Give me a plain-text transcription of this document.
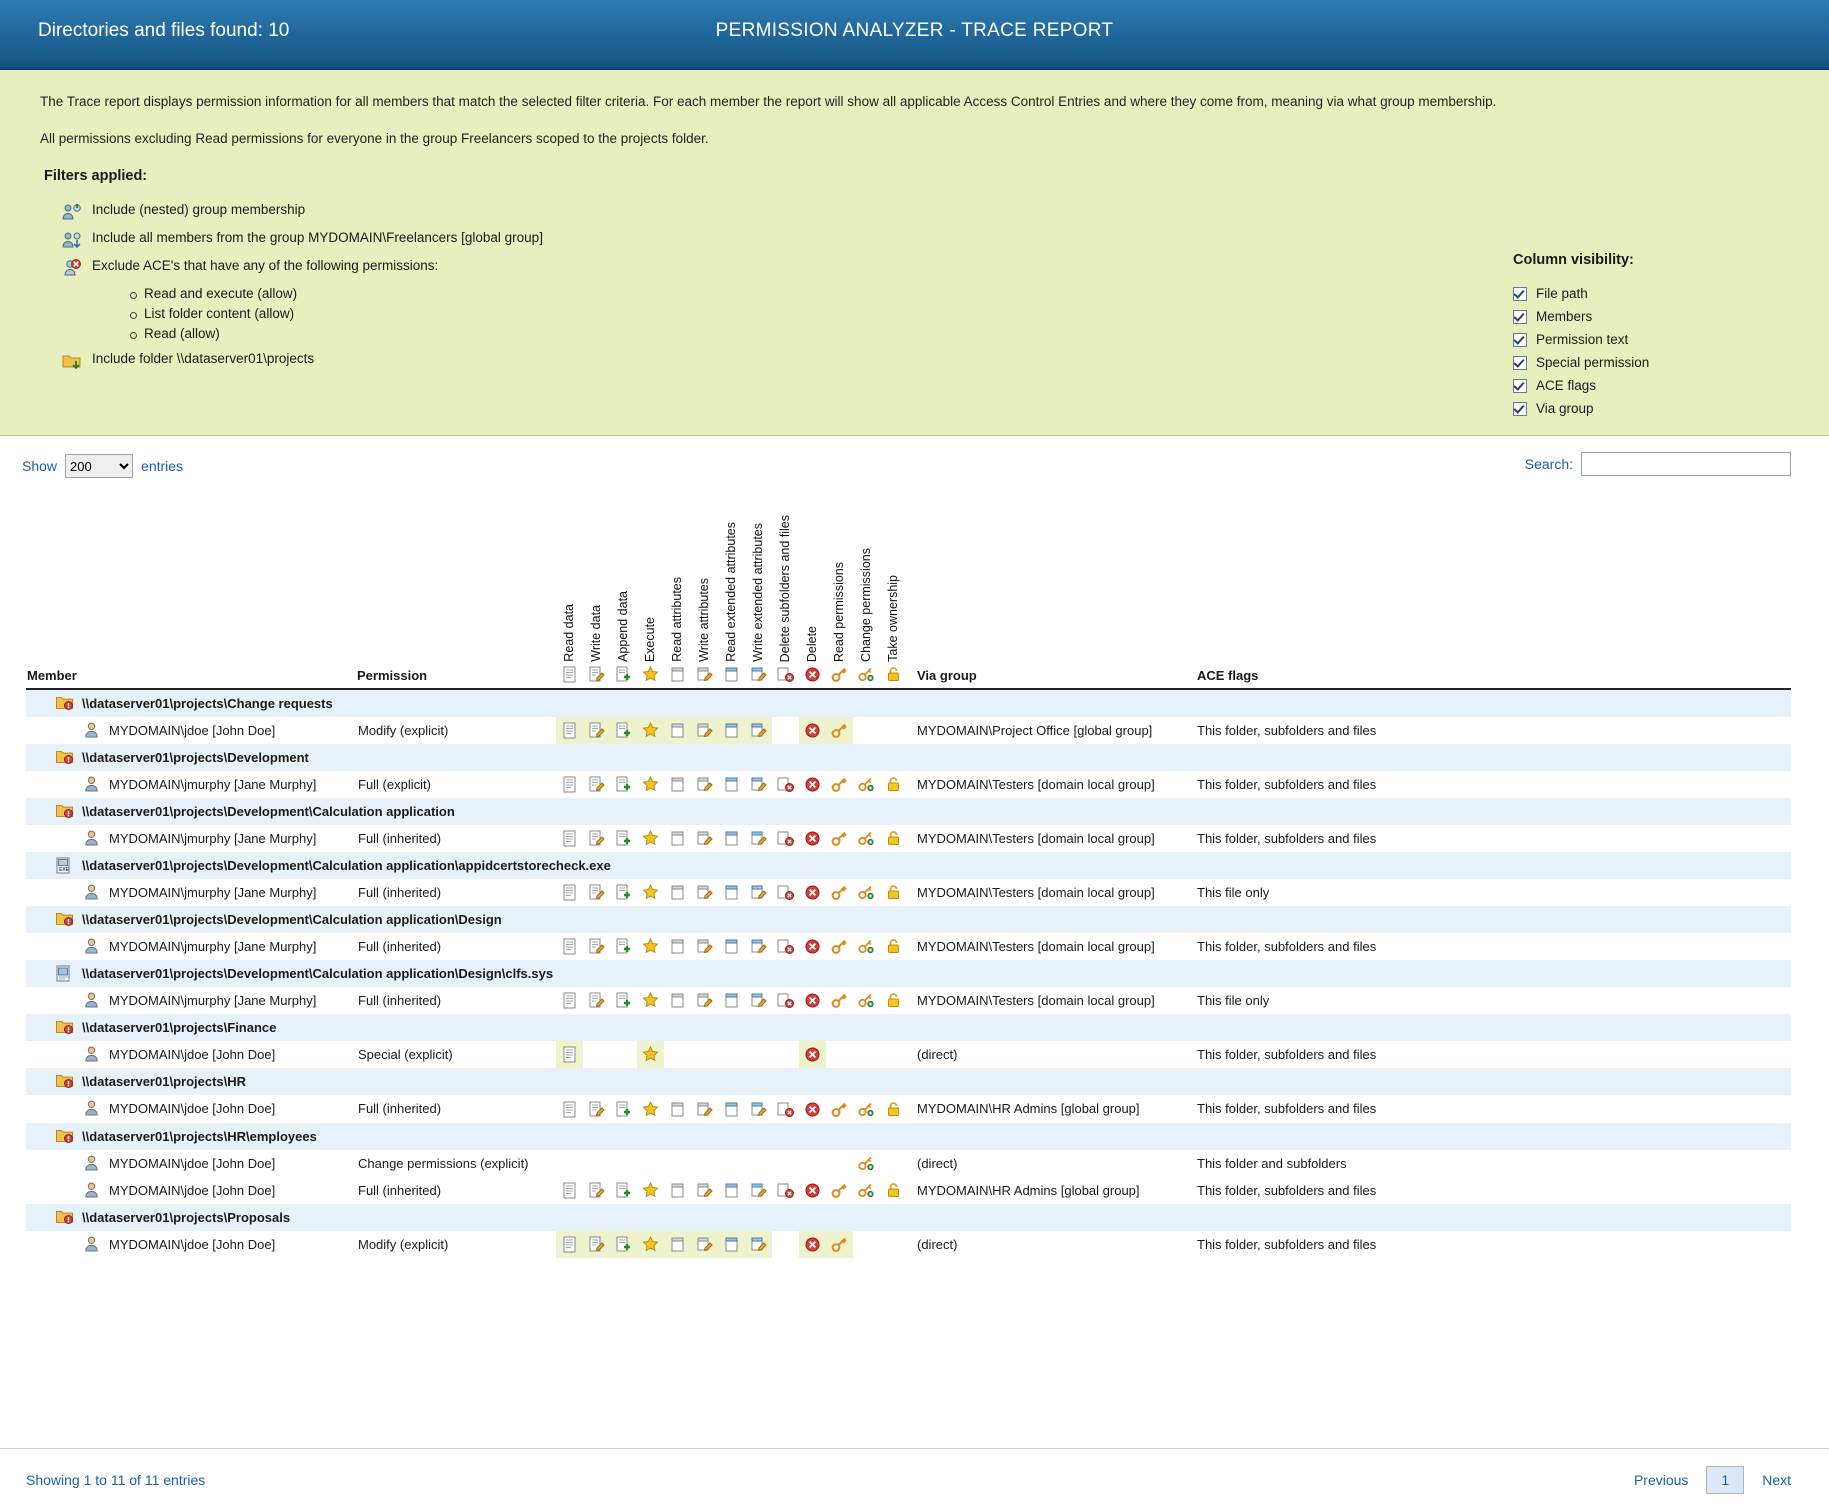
Directories and files found: 10	PERMISSION ANALYZER - TRACE REPORT

The Trace report displays permission information for all members that match the selected filter criteria. For each member the report will show all applicable Access Control Entries and where they come from, meaning via what group membership.

All permissions excluding Read permissions for everyone in the group Freelancers scoped to the projects folder.

Filters applied:
Include (nested) group membership
Include all members from the group MYDOMAIN\Freelancers [global group]
Exclude ACE's that have any of the following permissions:
Read and execute (allow)
List folder content (allow)
Read (allow)
Include folder \\dataserver01\projects
Column visibility:
File path
Members
Permission text
Special permission
ACE flags
Via group
Show
200	entries	Search:
Member	Permission	Read data	Write data	Append data	Execute	Read attributes	Write attributes	Read extended attributes	Write extended attributes	Delete subfolders and files	Delete	Read permissions	Change permissions	Take ownership	Via group	ACE flags

\\dataserver01\projects\Change requests																

MYDOMAIN\jdoe [John Doe]	Modify (explicit)														MYDOMAIN\Project Office [global group]	This folder, subfolders and files

\\dataserver01\projects\Development																

MYDOMAIN\jmurphy [Jane Murphy]	Full (explicit)														MYDOMAIN\Testers [domain local group]	This folder, subfolders and files

\\dataserver01\projects\Development\Calculation application																

MYDOMAIN\jmurphy [Jane Murphy]	Full (inherited)														MYDOMAIN\Testers [domain local group]	This folder, subfolders and files

EXE \\dataserver01\projects\Development\Calculation application\appidcertstorecheck.exe																

MYDOMAIN\jmurphy [Jane Murphy]	Full (inherited)														MYDOMAIN\Testers [domain local group]	This file only

\\dataserver01\projects\Development\Calculation application\Design																

MYDOMAIN\jmurphy [Jane Murphy]	Full (inherited)														MYDOMAIN\Testers [domain local group]	This folder, subfolders and files

\\dataserver01\projects\Development\Calculation application\Design\clfs.sys																

MYDOMAIN\jmurphy [Jane Murphy]	Full (inherited)														MYDOMAIN\Testers [domain local group]	This file only

\\dataserver01\projects\Finance																

MYDOMAIN\jdoe [John Doe]	Special (explicit)														(direct)	This folder, subfolders and files

\\dataserver01\projects\HR																

MYDOMAIN\jdoe [John Doe]	Full (inherited)														MYDOMAIN\HR Admins [global group]	This folder, subfolders and files

\\dataserver01\projects\HR\employees																

MYDOMAIN\jdoe [John Doe]	Change permissions (explicit)														(direct)	This folder and subfolders

MYDOMAIN\jdoe [John Doe]	Full (inherited)														MYDOMAIN\HR Admins [global group]	This folder, subfolders and files

\\dataserver01\projects\Proposals																

MYDOMAIN\jdoe [John Doe]	Modify (explicit)														(direct)	This folder, subfolders and files
Showing 1 to 11 of 11 entries	Previous	1	Next
